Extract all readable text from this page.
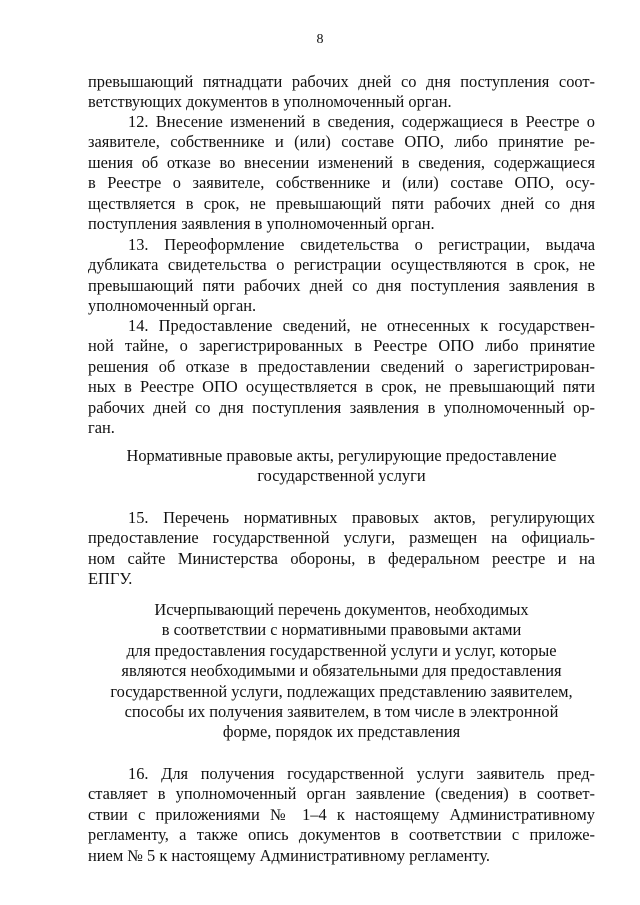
8
превышающий пятнадцати рабочих дней со дня поступления соот-
ветствующих документов в уполномоченный орган.
12. Внесение изменений в сведения, содержащиеся в Реестре о
заявителе, собственнике и (или) составе ОПО, либо принятие ре-
шения об отказе во внесении изменений в сведения, содержащиеся
в Реестре о заявителе, собственнике и (или) составе ОПО, осу-
ществляется в срок, не превышающий пяти рабочих дней со дня
поступления заявления в уполномоченный орган.
13. Переоформление свидетельства о регистрации, выдача
дубликата свидетельства о регистрации осуществляются в срок, не
превышающий пяти рабочих дней со дня поступления заявления в
уполномоченный орган.
14. Предоставление сведений, не отнесенных к государствен-
ной тайне, о зарегистрированных в Реестре ОПО либо принятие
решения об отказе в предоставлении сведений о зарегистрирован-
ных в Реестре ОПО осуществляется в срок, не превышающий пяти
рабочих дней со дня поступления заявления в уполномоченный ор-
ган.
Нормативные правовые акты, регулирующие предоставление
государственной услуги
15. Перечень нормативных правовых актов, регулирующих
предоставление государственной услуги, размещен на официаль-
ном сайте Министерства обороны, в федеральном реестре и на
ЕПГУ.
Исчерпывающий перечень документов, необходимых
в соответствии с нормативными правовыми актами
для предоставления государственной услуги и услуг, которые
являются необходимыми и обязательными для предоставления
государственной услуги, подлежащих представлению заявителем,
способы их получения заявителем, в том числе в электронной
форме, порядок их представления
16. Для получения государственной услуги заявитель пред-
ставляет в уполномоченный орган заявление (сведения) в соответ-
ствии с приложениями № 1–4 к настоящему Административному
регламенту, а также опись документов в соответствии с приложе-
нием № 5 к настоящему Административному регламенту.
